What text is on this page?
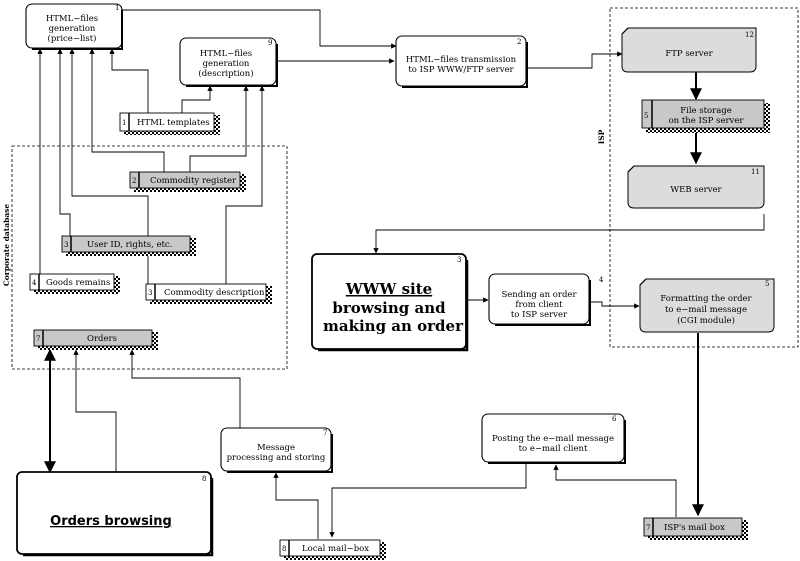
Corporate database
ISP
1
HTML−files
generation
(price−list)	9
HTML−files
generation
(description)
2
HTML−files transmission
to ISP WWW/FTP server
12
FTP server
11
WEB server
3
WWW site
browsing and
making an order
4
Sending an order
from client
to ISP server
5
Formatting the order
to e−mail message
(CGI module)
6
Posting the e−mail message
to e−mail client
7
Message
processing and storing
8
Orders browsing
1 HTML templates
5	File storage
on the ISP server
2 Commodity register
3 User ID, rights, etc.
4 Goods remains
3 Commodity description
7	Orders
7 ISP's mail box
8 Local mail−box
